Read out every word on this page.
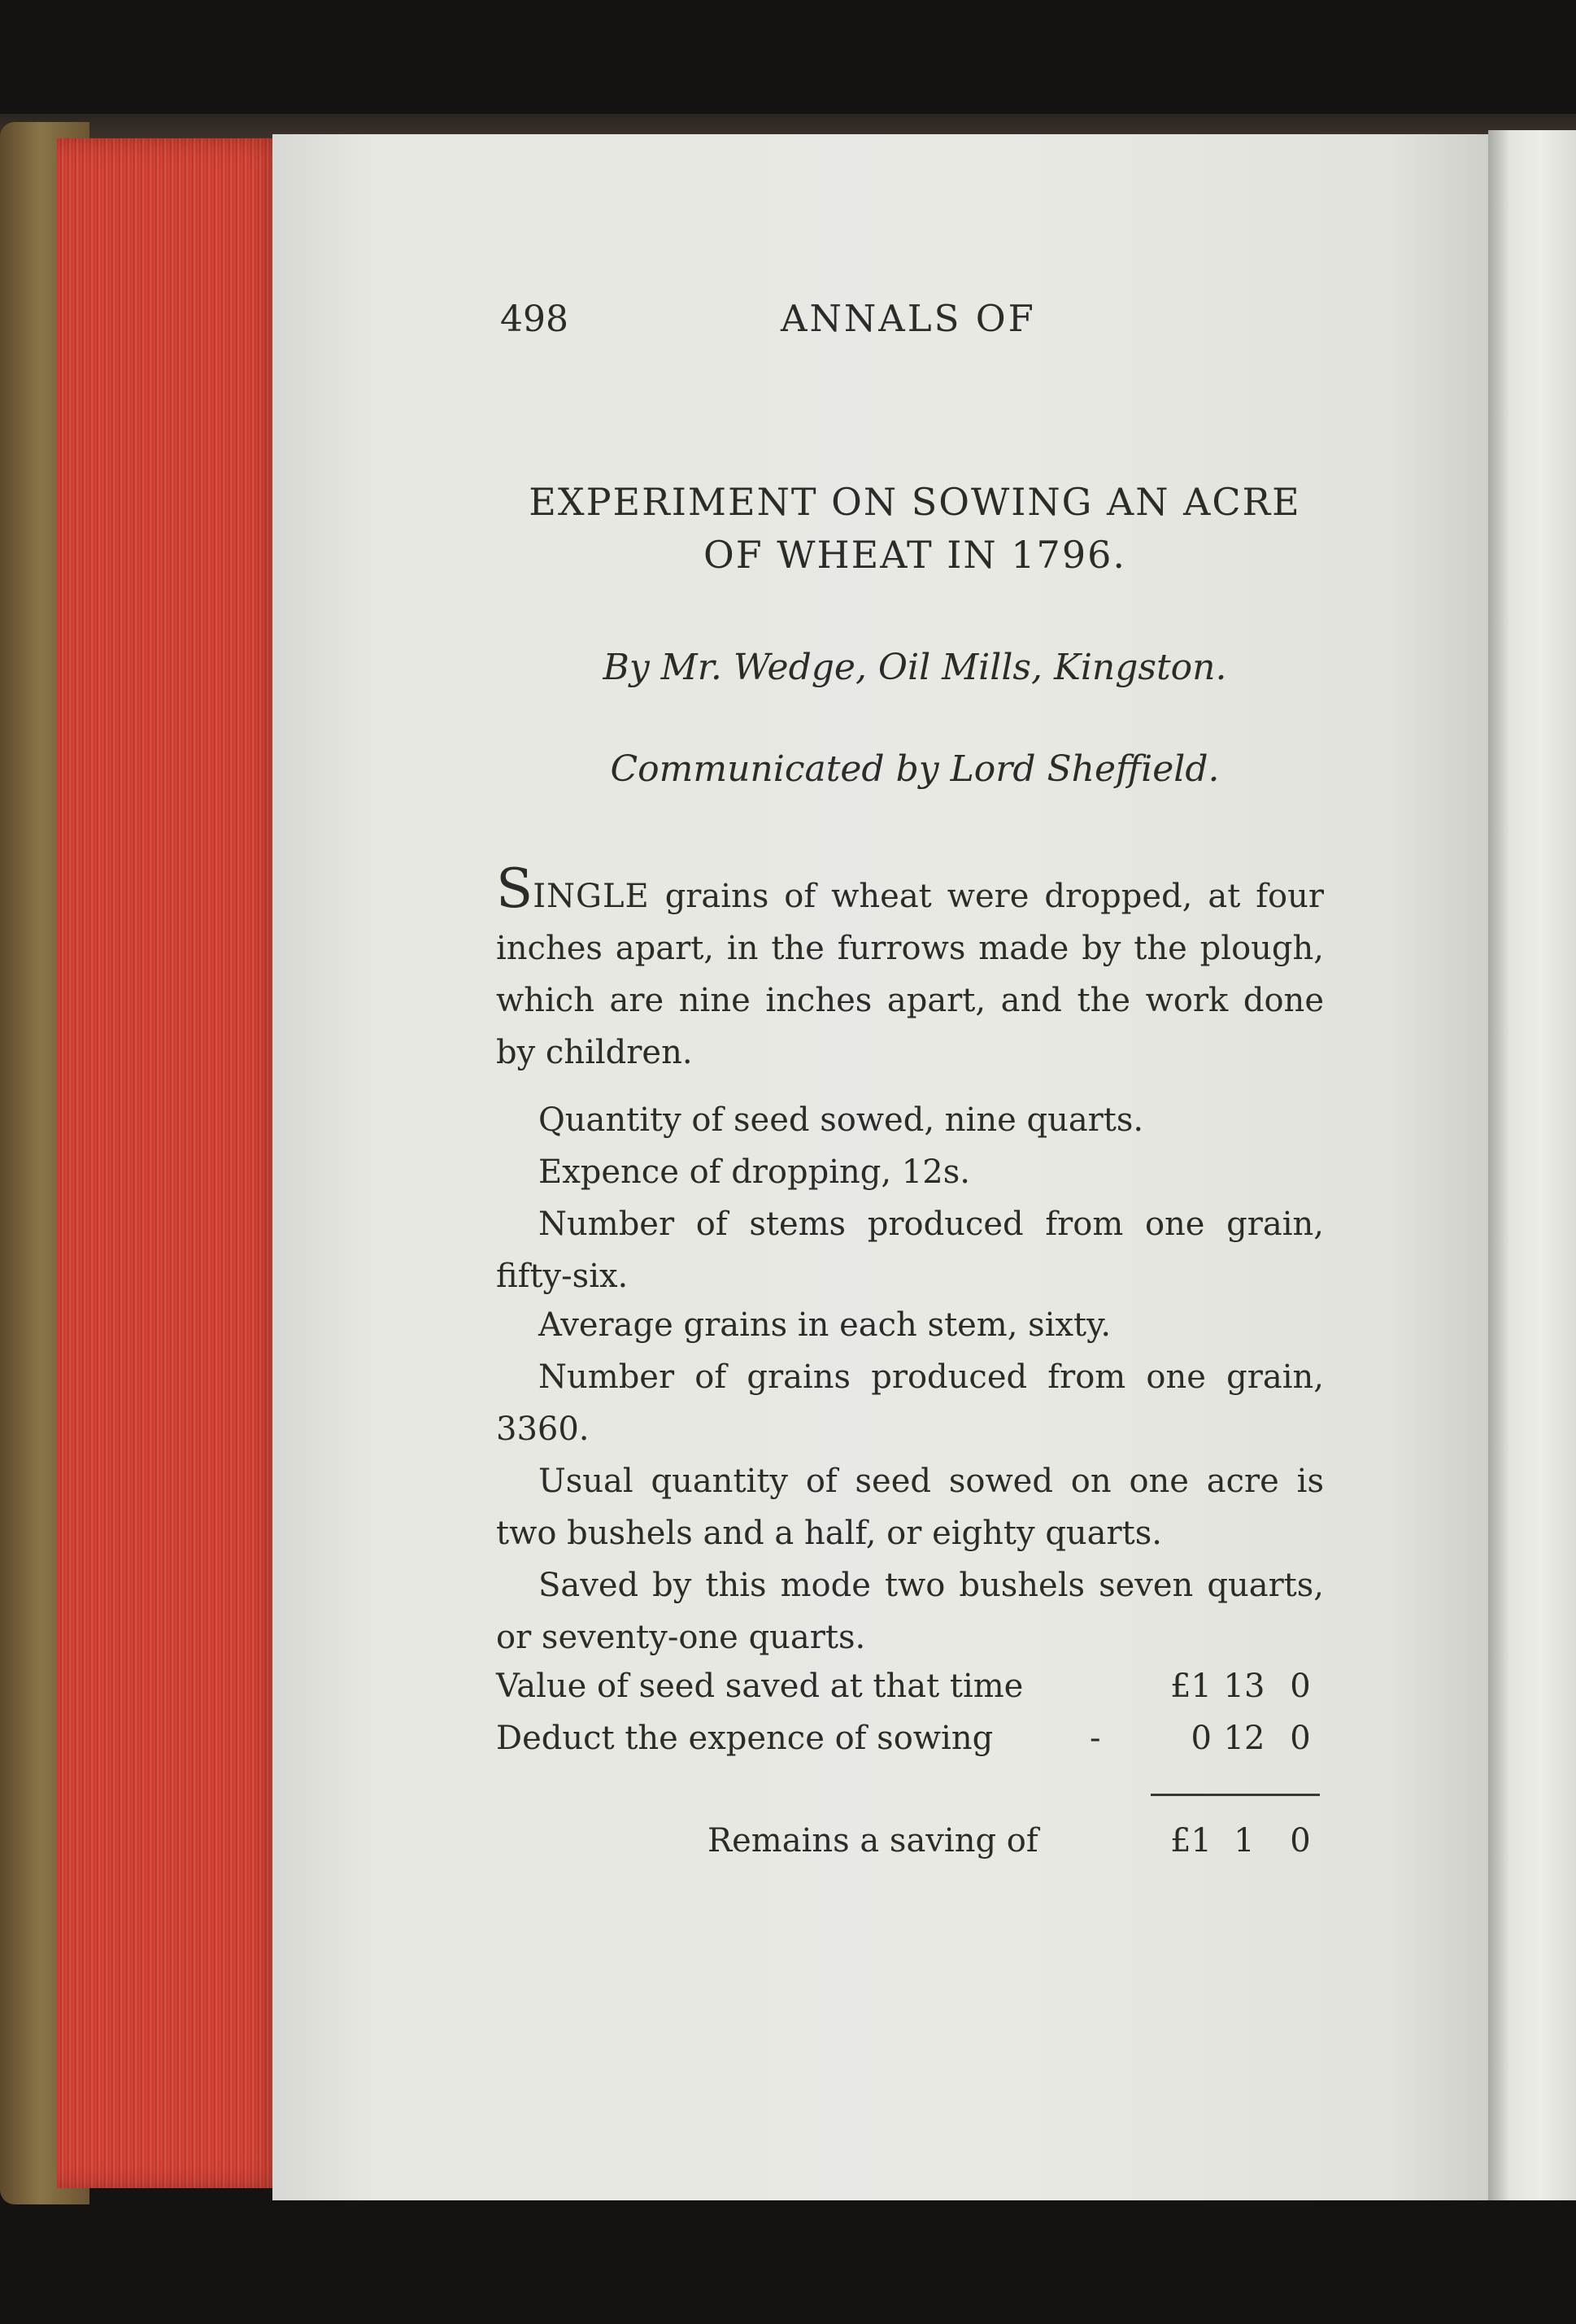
498	ANNALS OF
EXPERIMENT ON SOWING AN ACRE
OF WHEAT IN 1796.
By Mr. Wedge, Oil Mills, Kingston.
Communicated by Lord Sheffield.
SINGLE grains of wheat were dropped, at four inches apart, in the furrows made by the plough, which are nine inches apart, and the work done by children.
Quantity of seed sowed, nine quarts.
Expence of dropping, 12s.
Number of stems produced from one grain, fifty-six.
Average grains in each stem, sixty.
Number of grains produced from one grain, 3360.
Usual quantity of seed sowed on one acre is two bushels and a half, or eighty quarts.
Saved by this mode two bushels seven quarts, or seventy-one quarts.
Value of seed saved at that time	£1 13 0
Deduct the expence of sowing	-	0 12 0
Remains a saving of	£1 1	0
